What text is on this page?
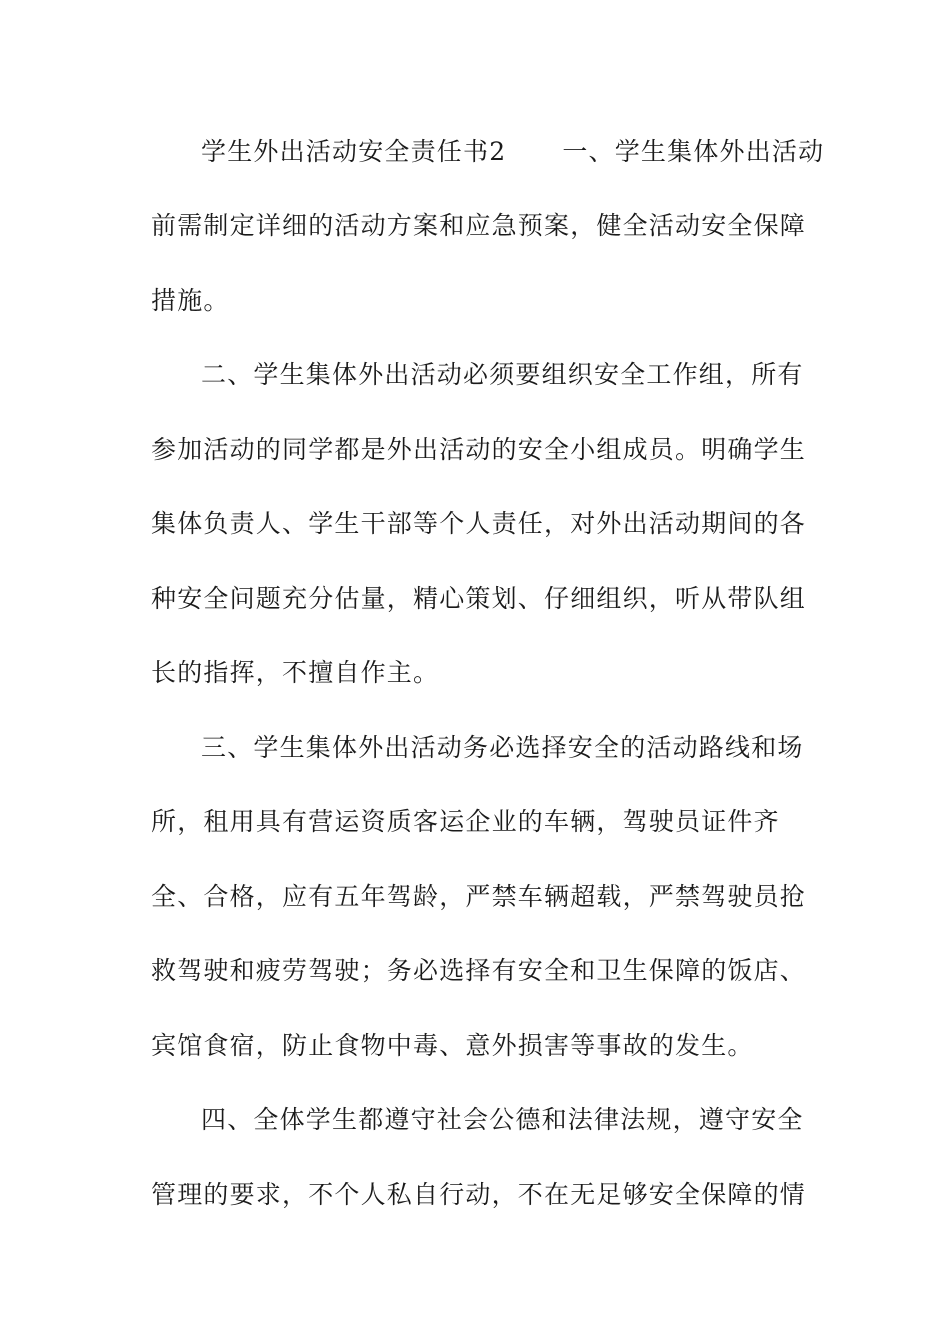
学生外出活动安全责任书2 一、学生集体外出活动
前需制定详细的活动方案和应急预案，健全活动安全保障
措施。
二、学生集体外出活动必须要组织安全工作组，所有
参加活动的同学都是外出活动的安全小组成员。明确学生
集体负责人、学生干部等个人责任，对外出活动期间的各
种安全问题充分估量，精心策划、仔细组织，听从带队组
长的指挥，不擅自作主。
三、学生集体外出活动务必选择安全的活动路线和场
所，租用具有营运资质客运企业的车辆，驾驶员证件齐
全、合格，应有五年驾龄，严禁车辆超载，严禁驾驶员抢
救驾驶和疲劳驾驶；务必选择有安全和卫生保障的饭店、
宾馆食宿，防止食物中毒、意外损害等事故的发生。
四、全体学生都遵守社会公德和法律法规，遵守安全
管理的要求，不个人私自行动，不在无足够安全保障的情
